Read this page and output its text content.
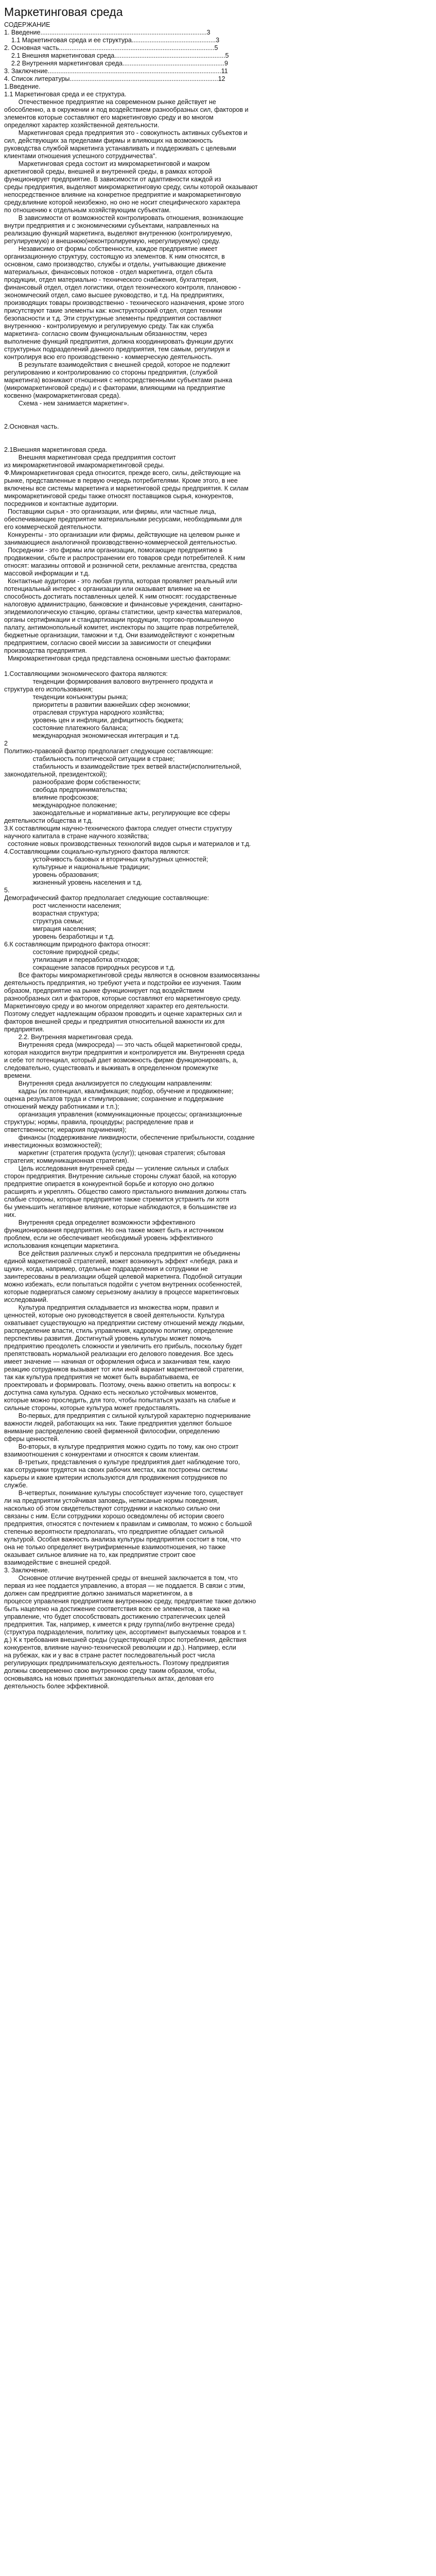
Маркетинговая среда
СОДЕРЖАНИЕ
1. Введение.............................................................................................3
1.1 Маркетинговая среда и ее структура...............................................3
2. Основная часть.......................................................................................5
2.1 Внешняя маркетинговая среда..............................................................5
2.2 Внутренняя маркетинговая среда.........................................................9
3. Заключение.................................................................................................11
4. Список литературы...................................................................................12
1.Введение.
1.1 Маркетинговая среда и ее структура.
Отечественное предприятие на современном рынке действует не
обособленно, а в окружении и под воздействием разнообразных сил, факторов и
элементов которые составляют его маркетинговую среду и во многом
определяют характер хозяйственной деятельности.
Маркетинговая среда предприятия это - совокупность активных субъектов и
сил, действующих за пределами фирмы и влияющих на возможность
руководства службой маркетинга устанавливать и поддерживать с целевыми
клиентами отношения успешного сотрудничества".
Маркетинговая среда состоит из микромаркетинговой и макром
аркетинговой среды, внешней и внутренней среды, в рамках которой
функционирует предприятие. В зависимости от адаптивности каждой из
среды предприятия, выделяют микромаркетинговую среду, силы которой оказывают
непосредственное влияние на конкретное предприятие и макромаркетинговую
среду,влияние которой неизбежно, но оно не носит специфического характера
по отношению к отдельным хозяйствующим субъектам.
В зависимости от возможностей контролировать отношения, возникающие
внутри предприятия и с экономическими субъектами, направленных на
реализацию функций маркетинга, выделяют внутреннюю (контролируемую,
регулируемую) и внешнюю(неконтролируемую, нерегулируемую) среду.
Независимо от формы собственности, каждое предприятие имеет
организационную структуру, состоящую из элементов. К ним относятся, в
основном, само производство, службы и отделы, учитывающие движение
материальных, финансовых потоков - отдел маркетинга, отдел сбыта
продукции, отдел материально - технического снабжения, бухгалтерия,
финансовый отдел, отдел логистики, отдел технического контроля, плановою -
экономический отдел, само высшее руководство, и т.д. На предприятиях,
производящих товары производственно - технического назначения, кроме этого
присутствуют такие элементы как: конструкторский отдел, отдел техники
безопасности и т.д. Эти структурные элементы предприятия составляют
внутреннюю - контролируемую и регулируемую среду. Так как служба
маркетинга- согласно своим функциональным обязанностям, через
выполнение функций предприятия, должна координировать функции других
структурных подразделений данного предприятия, тем самым, регулируя и
контролируя всю его производственно - коммерческую деятельность.
В результате взаимодействия с внешней средой, которое не подлежит
регулированию и контролированию со стороны предприятия, (службой
маркетинга) возникают отношения с непосредственными субъектами рынка
(микромаркетинговой среды) и с факторами, влияющими на предприятие
косвенно (макромаркетинговая среда).
Схема - нем занимается маркетинг».
2.Основная часть.
2.1Внешняя маркетинговая среда.
Внешняя маркетинговая среда предприятия состоит
из микромаркетинговой имакромаркетинговой среды.
Ф.Микромаркетинговая среда относится, прежде всего, силы, действующие на
рынке, представленные в первую очередь потребителями. Кроме этого, в нее
включены все системы маркетинга и маркетинговой среды предприятия. К силам
микромаркетинговой среды также относят поставщиков сырья, конкурентов,
посредников и контактные аудитории.
Поставщики сырья - это организации, или фирмы, или частные лица,
обеспечивающие предприятие материальными ресурсами, необходимыми для
его коммерческой деятельности.
Конкуренты - это организации или фирмы, действующие на целевом рынке и
занимающиеся аналогичной производственно-коммерческой деятельностью.
Посредники - это фирмы или организации, помогающие предприятию в
продвижении, сбыте и распространении его товаров среди потребителей. К ним
относят: магазины оптовой и розничной сети, рекламные агентства, средства
массовой информации и т.д.
Контактные аудитории - это любая группа, которая проявляет реальный или
потенциальный интерес к организации или оказывает влияние на ее
способность достигать поставленных целей. К ним относят: государственные
налоговую администрацию, банковские и финансовые учреждения, санитарно-
эпидемиологическую станцию, органы статистики, центр качества материалов,
органы сертификации и стандартизации продукции, торгово-промышленную
палату, антимонопольный комитет, инспекторы по защите прав потребителей,
бюджетные организации, таможни и т.д. Они взаимодействуют с конкретным
предприятием, согласно своей миссии за зависимости от специфики
производства предприятия.
Микромаркетинговая среда представлена основными шестью факторами:
1.Составляющими экономического фактора являются:
тенденции формирования валового внутреннего продукта и
структура его использования;
тенденции конъюнктуры рынка;
приоритеты в развитии важнейших сфер экономики;
отраслевая структура народного хозяйства;
уровень цен и инфляции, дефицитность бюджета;
состояние платежного баланса;
международная экономическая интеграция и т.д.
2
Политико-правовой фактор предполагает следующие составляющие:
стабильность политической ситуации в стране;
стабильность и взаимодействие трех ветвей власти(исполнительной,
законодательной, президентской);
разнообразие форм собственности;
свобода предпринимательства;
влияние профсоюзов;
международное положение;
законодательные и нормативные акты, регулирующие все сферы
деятельности общества и т.д.
3.К составляющим научно-технического фактора следует отнести структуру
научного капитала в стране научного хозяйства;
состояние новых производственных технологий видов сырья и материалов и т.д.
4.Составляющими социально-культурного фактора являются:
устойчивость базовых и вторичных культурных ценностей;
культурные и национальные традиции;
уровень образования;
жизненный уровень населения и т.д.
5.
Демографический фактор предполагает следующие составляющие:
рост численности населения;
возрастная структура;
структура семьи;
миграция населения;
уровень безработицы и т.д.
6.К составляющим природного фактора относят:
состояние природной среды;
утилизация и переработка отходов;
сокращение запасов природных ресурсов и т.д.
Все факторы микромаркетинговой среды являются в основном взаимосвязанны
деятельность предприятия, но требуют учета и подстройки ее изучения. Таким
образом, предприятие на рынке функционирует под воздействием
разнообразных сил и факторов, которые составляют его маркетинговую среду.
Маркетинговую среду и во многом определяют характер его деятельности.
Поэтому следует надлежащим образом проводить и оценке характерных сил и
факторов внешней среды и предприятия относительной важности их для
предприятия.
2.2. Внутренняя маркетинговая среда.
Внутренняя среда (микросреда) — это часть общей маркетинговой среды,
которая находится внутри предприятия и контролируется им. Внутренняя среда
и себе тот потенциал, который дает возможность фирме функционировать, а,
следовательно, существовать и выживать в определенном промежутке
времени.
Внутренняя среда анализируется по следующим направлениям:
кадры (их потенциал, квалификация; подбор, обучение и продвижение;
оценка результатов труда и стимулирование; сохранение и поддержание
отношений между работниками и т.п.);
организация управления (коммуникационные процессы; организационные
структуры; нормы, правила, процедуры; распределение прав и
ответственности; иерархия подчинения);
финансы (поддерживание ликвидности, обеспечение прибыльности, создание
инвестиционных возможностей);
маркетинг (стратегия продукта (услуг)); ценовая стратегия; сбытовая
стратегия; коммуникационная стратегия).
Цель исследования внутренней среды — усиление сильных и слабых
сторон предприятия. Внутренние сильные стороны служат базой, на которую
предприятие опирается в конкурентной борьбе и которую оно должно
расширять и укреплять. Общество самого пристального внимания должны стать
слабые стороны, которые предприятие также стремится устранить ли хотя
бы уменьшить негативное влияние, которые наблюдаются, в большинстве из
них.
Внутренняя среда определяет возможности эффективного
функционирования предприятия. Но она также может быть и источником
проблем, если не обеспечивает необходимый уровень эффективного
использования концепции маркетинга.
Все действия различных служб и персонала предприятия не объединены
единой маркетинговой стратегией, может возникнуть эффект «лебедя, рака и
щуки», когда, например, отдельные подразделения и сотрудники не
заинтересованы в реализации общей целевой маркетинга. Подобной ситуации
можно избежать, если попытаться подойти с учетом внутренних особенностей,
которые подвергаться самому серьезному анализу в процессе маркетинговых
исследований.
Культура предприятия складывается из множества норм, правил и
ценностей, которые оно руководствуется в своей деятельности. Культура
охватывает существующую на предприятии систему отношений между людьми,
распределение власти, стиль управления, кадровую политику, определение
перспективы развития. Достигнутый уровень культуры может помочь
предприятию преодолеть сложности и увеличить его прибыль, поскольку будет
препятствовать нормальной реализации его делового поведения. Все здесь
имеет значение — начиная от оформления офиса и заканчивая тем, какую
реакцию сотрудников вызывает тот или иной вариант маркетинговой стратегии,
так как культура предприятия не может быть вырабатываема, ее
проектировать и формировать. Поэтому, очень важно ответить на вопросы: к
доступна сама культура. Однако есть несколько устойчивых моментов,
которые можно проследить, для того, чтобы попытаться указать на слабые и
сильные стороны, которые культура может предоставлять.
Во-первых, для предприятия с сильной культурой характерно подчеркивание
важности людей, работающих на них. Такие предприятия уделяют большое
внимание распределению своей фирменной философии, определению
сферы ценностей.
Во-вторых, в культуре предприятия можно судить по тому, как оно строит
взаимоотношения с конкурентами и относятся к своим клиентам.
В-третьих, представления о культуре предприятия дает наблюдение того,
как сотрудники трудятся на своих рабочих местах, как построены системы
карьеры и какие критерии используются для продвижения сотрудников по
службе.
В-четвертых, понимание культуры способствует изучение того, существует
ли на предприятии устойчивая заповедь, неписаные нормы поведения,
насколько об этом свидетельствуют сотрудники и насколько сильно они
связаны с ним. Если сотрудники хорошо осведомлены об истории своего
предприятия, относятся с почтением к правилам и символам, то можно с большой
степенью вероятности предполагать, что предприятие обладает сильной
культурой. Особая важность анализа культуры предприятия состоит в том, что
она не только определяет внутрифирменные взаимоотношения, но также
оказывает сильное влияние на то, как предприятие строит свое
взаимодействие с внешней средой.
3. Заключение.
Основное отличие внутренней среды от внешней заключается в том, что
первая из нее поддается управлению, а вторая — не поддается. В связи с этим,
должен сам предприятие должно заниматься маркетингом, а в
процессе управления предприятием внутреннюю среду, предприятие также должно
быть нацелено на достижение соответствия всех ее элементов, а также на
управление, что будет способствовать достижению стратегических целей
предприятия. Так, например, к имеется к ряду группа(либо внутренне среда)
(структура подразделения, политику цен, ассортимент выпускаемых товаров и т.
д.) К к требования внешней среды (существующей спрос потребления, действия
конкурентов, влияние научно-технической революции и др.). Например, если
на рубежах, как и у вас в стране растет последовательный рост числа
регулирующих предпринимательскую деятельность. Поэтому предприятия
должны своевременно свою внутреннюю среду таким образом, чтобы,
основываясь на новых принятых законодательных актах, деловая его
деятельность более эффективной.
